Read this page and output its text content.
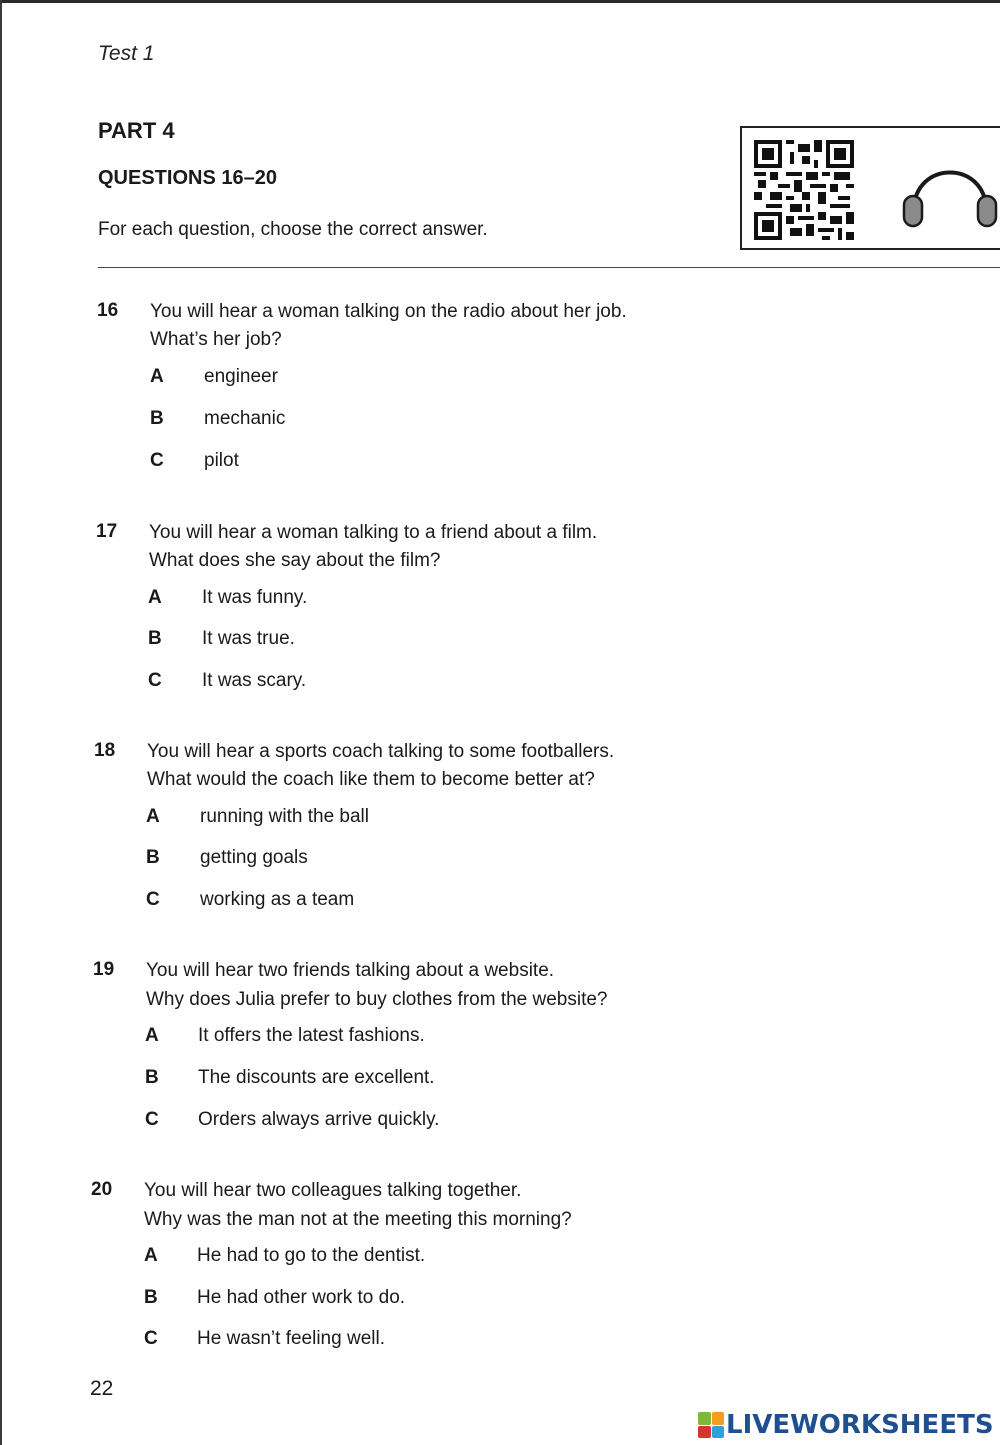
Test 1
PART 4
QUESTIONS 16–20
For each question, choose the correct answer.
16 You will hear a woman talking on the radio about her job.
What’s her job?
A engineer
B mechanic
C pilot
17 You will hear a woman talking to a friend about a film.
What does she say about the film?
A It was funny.
B It was true.
C It was scary.
18 You will hear a sports coach talking to some footballers.
What would the coach like them to become better at?
A running with the ball
B getting goals
C working as a team
19 You will hear two friends talking about a website.
Why does Julia prefer to buy clothes from the website?
A It offers the latest fashions.
B The discounts are excellent.
C Orders always arrive quickly.
20 You will hear two colleagues talking together.
Why was the man not at the meeting this morning?
A He had to go to the dentist.
B He had other work to do.
C He wasn’t feeling well.
22
LIVEWORKSHEETS
